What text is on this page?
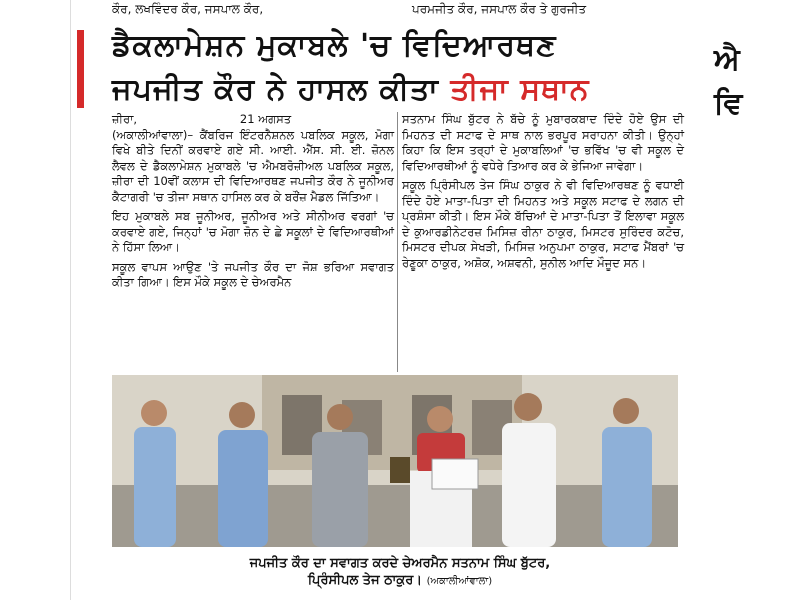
ਕੌਰ, ਲਖਵਿੰਦਰ ਕੌਰ, ਜਸਪਾਲ ਕੌਰ,	ਪਰਮਜੀਤ ਕੌਰ, ਜਸਪਾਲ ਕੌਰ ਤੇ ਗੁਰਜੀਤ
ਡੈਕਲਾਮੇਸ਼ਨ ਮੁਕਾਬਲੇ 'ਚ ਵਿਦਿਆਰਥਣ
ਜਪਜੀਤ ਕੌਰ ਨੇ ਹਾਸਲ ਕੀਤਾ ਤੀਜਾ ਸਥਾਨ
ਜ਼ੀਰਾ,	21 ਅਗਸਤ

(ਅਕਾਲੀਆਂਵਾਲਾ)– ਕੈਂਬਰਿਜ ਇੰਟਰਨੈਸ਼ਨਲ ਪਬਲਿਕ ਸਕੂਲ, ਮੋਗਾ ਵਿਖੇ ਬੀਤੇ ਦਿਨੀਂ ਕਰਵਾਏ ਗਏ ਸੀ. ਆਈ. ਐੱਸ. ਸੀ. ਈ. ਜ਼ੋਨਲ ਲੈਵਲ ਦੇ ਡੈਕਲਾਮੇਸ਼ਨ ਮੁਕਾਬਲੇ 'ਚ ਐਮਬਰੋਜ਼ੀਅਲ ਪਬਲਿਕ ਸਕੂਲ, ਜ਼ੀਰਾ ਦੀ 10ਵੀਂ ਕਲਾਸ ਦੀ ਵਿਦਿਆਰਥਣ ਜਪਜੀਤ ਕੌਰ ਨੇ ਜੂਨੀਅਰ ਕੈਟਾਗਰੀ 'ਚ ਤੀਜਾ ਸਥਾਨ ਹਾਸਿਲ ਕਰ ਕੇ ਬਰੌਂਜ਼ ਮੈਡਲ ਜਿੱਤਿਆ।

ਇਹ ਮੁਕਾਬਲੇ ਸਬ ਜੂਨੀਅਰ, ਜੂਨੀਅਰ ਅਤੇ ਸੀਨੀਅਰ ਵਰਗਾਂ 'ਚ ਕਰਵਾਏ ਗਏ, ਜਿਨ੍ਹਾਂ 'ਚ ਮੋਗਾ ਜ਼ੋਨ ਦੇ ਛੇ ਸਕੂਲਾਂ ਦੇ ਵਿਦਿਆਰਥੀਆਂ ਨੇ ਹਿੱਸਾ ਲਿਆ।

ਸਕੂਲ ਵਾਪਸ ਆਉਣ 'ਤੇ ਜਪਜੀਤ ਕੌਰ ਦਾ ਜੋਸ਼ ਭਰਿਆ ਸਵਾਗਤ ਕੀਤਾ ਗਿਆ। ਇਸ ਮੌਕੇ ਸਕੂਲ ਦੇ ਚੇਅਰਮੈਨ

ਸਤਨਾਮ ਸਿੰਘ ਬੁੱਟਰ ਨੇ ਬੱਚੇ ਨੂੰ ਮੁਬਾਰਕਬਾਦ ਦਿੰਦੇ ਹੋਏ ਉਸ ਦੀ ਮਿਹਨਤ ਦੀ ਸਟਾਫ ਦੇ ਸਾਥ ਨਾਲ ਭਰਪੂਰ ਸਰਾਹਨਾ ਕੀਤੀ। ਉਨ੍ਹਾਂ ਕਿਹਾ ਕਿ ਇਸ ਤਰ੍ਹਾਂ ਦੇ ਮੁਕਾਬਲਿਆਂ 'ਚ ਭਵਿੱਖ 'ਚ ਵੀ ਸਕੂਲ ਦੇ ਵਿਦਿਆਰਥੀਆਂ ਨੂੰ ਵਧੇਰੇ ਤਿਆਰ ਕਰ ਕੇ ਭੇਜਿਆ ਜਾਵੇਗਾ।

ਸਕੂਲ ਪ੍ਰਿੰਸੀਪਲ ਤੇਜ ਸਿੰਘ ਠਾਕੁਰ ਨੇ ਵੀ ਵਿਦਿਆਰਥਣ ਨੂੰ ਵਧਾਈ ਦਿੰਦੇ ਹੋਏ ਮਾਤਾ-ਪਿਤਾ ਦੀ ਮਿਹਨਤ ਅਤੇ ਸਕੂਲ ਸਟਾਫ ਦੇ ਲਗਨ ਦੀ ਪ੍ਰਸ਼ੰਸਾ ਕੀਤੀ। ਇਸ ਮੌਕੇ ਬੱਚਿਆਂ ਦੇ ਮਾਤਾ-ਪਿਤਾ ਤੋਂ ਇਲਾਵਾ ਸਕੂਲ ਦੇ ਕੁਆਰਡੀਨੇਟਰਜ਼ ਮਿਸਿਜ਼ ਰੀਨਾ ਠਾਕੁਰ, ਮਿਸਟਰ ਸੁਰਿੰਦਰ ਕਟੋਚ, ਮਿਸਟਰ ਦੀਪਕ ਸੇਖੜੀ, ਮਿਸਿਜ਼ ਅਨੁਪਮਾ ਠਾਕੁਰ, ਸਟਾਫ ਮੈਂਬਰਾਂ 'ਚ ਰੇਣੂਕਾ ਠਾਕੁਰ, ਅਸ਼ੋਕ, ਅਸ਼ਵਨੀ, ਸੁਨੀਲ ਆਦਿ ਮੌਜੂਦ ਸਨ।

ਜਪਜੀਤ ਕੌਰ ਦਾ ਸਵਾਗਤ ਕਰਦੇ ਚੇਅਰਮੈਨ ਸਤਨਾਮ ਸਿੰਘ ਬੁੱਟਰ,
ਪ੍ਰਿੰਸੀਪਲ ਤੇਜ ਠਾਕੁਰ। (ਅਕਾਲੀਆਂਵਾਲਾ)
ਐ
ਵਿ
